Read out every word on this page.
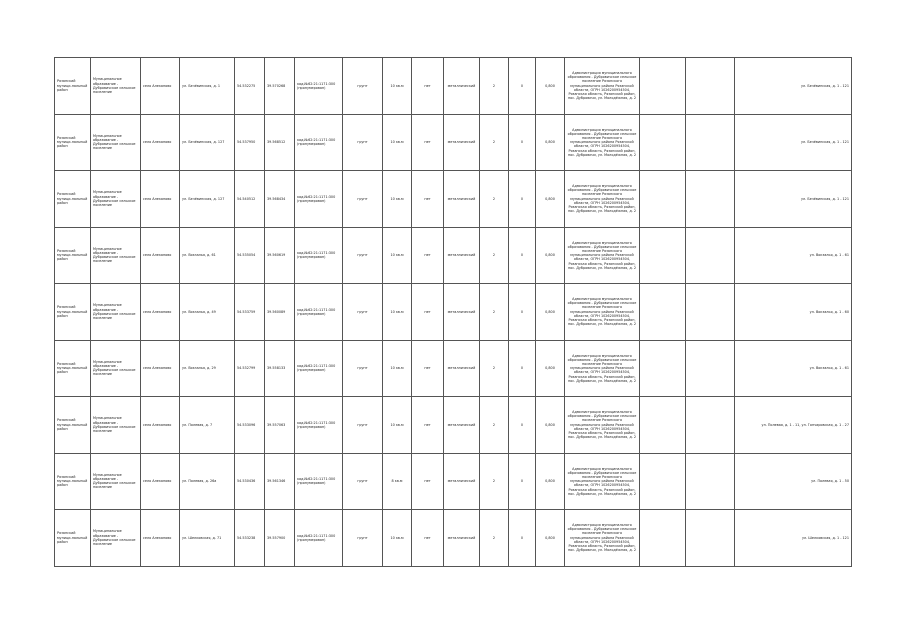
Рязанский муници-пальный район	Муниципальное образование - Дубровичское сельское поселение	село Алеканово	ул. Бечёвинская, д. 1	54.532275	39.570268	кад.№62:21:1171:300 (пронумерован)	грунт	10 кв.м	нет	металлический	2	0	0,800	Администрация муниципального образования - Дубровичское сельское поселение Рязанского муниципального района Рязанской области, ОГРН 1026200954504, Рязанская область, Рязанский район, пос. Дубровичи, ул. Молодёжная, д. 2			ул. Бечёвинская, д. 1 - 121
Рязанский муници-пальный район	Муниципальное образование - Дубровичское сельское поселение	село Алеканово	ул. Бечёвинская, д. 127	54.537950	39.568512	кад.№62:21:1171:300 (пронумерован)	грунт	10 кв.м	нет	металлический	2	0	0,800	Администрация муниципального образования - Дубровичское сельское поселение Рязанского муниципального района Рязанской области, ОГРН 1026200954504, Рязанская область, Рязанский район, пос. Дубровичи, ул. Молодёжная, д. 2			ул. Бечёвинская, д. 1 - 121
Рязанский муници-пальный район	Муниципальное образование - Дубровичское сельское поселение	село Алеканово	ул. Бечёвинская, д. 127	54.540512	39.568434	кад.№62:21:1171:300 (пронумерован)	грунт	10 кв.м	нет	металлический	2	0	0,800	Администрация муниципального образования - Дубровичское сельское поселение Рязанского муниципального района Рязанской области, ОГРН 1026200954504, Рязанская область, Рязанский район, пос. Дубровичи, ул. Молодёжная, д. 2			ул. Бечёвинская, д. 1 - 121
Рязанский муници-пальный район	Муниципальное образование - Дубровичское сельское поселение	село Алеканово	ул. Вокзалья, д. 61	54.535054	39.560619	кад.№62:21:1171:300 (пронумерован)	грунт	10 кв.м	нет	металлический	2	0	0,800	Администрация муниципального образования - Дубровичское сельское поселение Рязанского муниципального района Рязанской области, ОГРН 1026200954504, Рязанская область, Рязанский район, пос. Дубровичи, ул. Молодёжная, д. 2			ул. Вокзалья, д. 1 - 61
Рязанский муници-пальный район	Муниципальное образование - Дубровичское сельское поселение	село Алеканово	ул. Вокзалья, д. 49	54.533759	39.560089	кад.№62:21:1171:300 (пронумерован)	грунт	10 кв.м	нет	металлический	2	0	0,800	Администрация муниципального образования - Дубровичское сельское поселение Рязанского муниципального района Рязанской области, ОГРН 1026200954504, Рязанская область, Рязанский район, пос. Дубровичи, ул. Молодёжная, д. 2			ул. Вокзалья, д. 1 - 60
Рязанский муници-пальный район	Муниципальное образование - Дубровичское сельское поселение	село Алеканово	ул. Вокзалья, д. 29	54.532799	39.558133	кад.№62:21:1171:300 (пронумерован)	грунт	10 кв.м	нет	металлический	2	0	0,800	Администрация муниципального образования - Дубровичское сельское поселение Рязанского муниципального района Рязанской области, ОГРН 1026200954504, Рязанская область, Рязанский район, пос. Дубровичи, ул. Молодёжная, д. 2			ул. Вокзалья, д. 1 - 61
Рязанский муници-пальный район	Муниципальное образование - Дубровичское сельское поселение	село Алеканово	ул. Полевая, д. 7	54.533096	39.557063	кад.№62:21:1171:300 (пронумерован)	грунт	10 кв.м	нет	металлический	2	0	0,800	Администрация муниципального образования - Дубровичское сельское поселение Рязанского муниципального района Рязанской области, ОГРН 1026200954504, Рязанская область, Рязанский район, пос. Дубровичи, ул. Молодёжная, д. 2			ул. Полевая, д. 1 - 11, ул. Гончаровская, д. 1 - 27
Рязанский муници-пальный район	Муниципальное образование - Дубровичское сельское поселение	село Алеканово	ул. Полевая, д. 26а	54.530436	39.561346	кад.№62:21:1171:300 (пронумерован)	грунт	8 кв.м	нет	металлический	2	0	0,800	Администрация муниципального образования - Дубровичское сельское поселение Рязанского муниципального района Рязанской области, ОГРН 1026200954504, Рязанская область, Рязанский район, пос. Дубровичи, ул. Молодёжная, д. 2			ул. Полевая, д. 1 - 50
Рязанский муници-пальный район	Муниципальное образование - Дубровичское сельское поселение	село Алеканово	ул. Шелковская, д. 71	54.533238	39.557900	кад.№62:21:1171:300 (пронумерован)	грунт	10 кв.м	нет	металлический	2	0	0,800	Администрация муниципального образования - Дубровичское сельское поселение Рязанского муниципального района Рязанской области, ОГРН 1026200954504, Рязанская область, Рязанский район, пос. Дубровичи, ул. Молодёжная, д. 2			ул. Шелковская, д. 1 - 121
